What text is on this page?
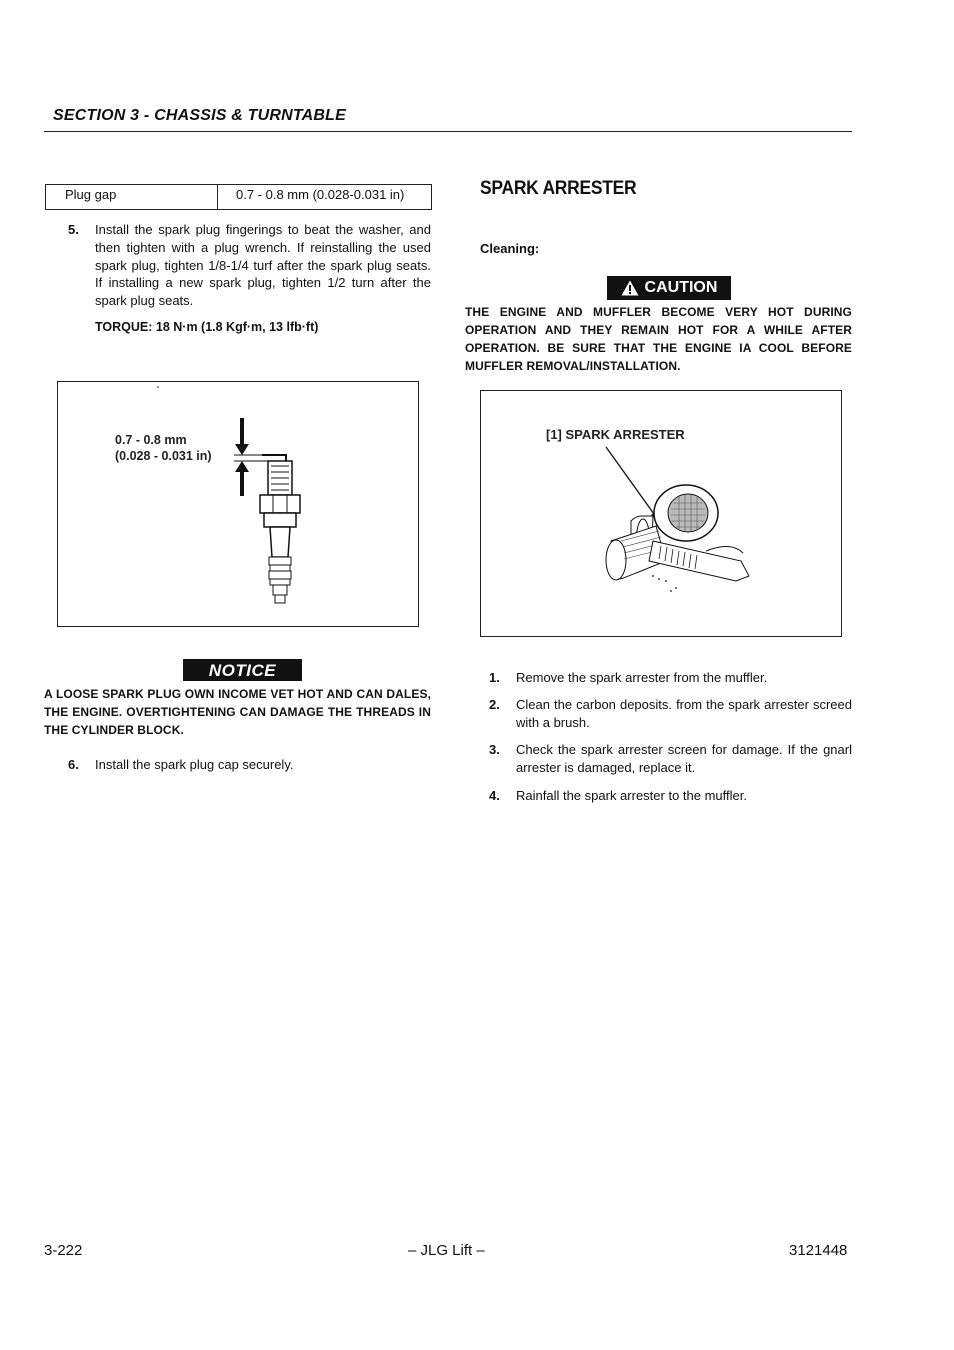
SECTION 3 - CHASSIS & TURNTABLE
Plug gap	0.7 - 0.8 mm (0.028-0.031 in)
5. Install the spark plug fingerings to beat the washer, and then tighten with a plug wrench. If reinstalling the used spark plug, tighten 1/8-1/4 turf after the spark plug seats. If installing a new spark plug, tighten 1/2 turn after the spark plug seats.
TORQUE: 18 N·m (1.8 Kgf·m, 13 lfb·ft)
0.7 - 0.8 mm
(0.028 - 0.031 in)
NOTICE
A LOOSE SPARK PLUG OWN INCOME VET HOT AND CAN DALES, THE ENGINE. OVERTIGHTENING CAN DAMAGE THE THREADS IN THE CYLINDER BLOCK.
6. Install the spark plug cap securely.
SPARK ARRESTER
Cleaning:
CAUTION
THE ENGINE AND MUFFLER BECOME VERY HOT DURING OPERATION AND THEY REMAIN HOT FOR A WHILE AFTER OPERATION. BE SURE THAT THE ENGINE IA COOL BEFORE MUFFLER REMOVAL/INSTALLATION.
[1] SPARK ARRESTER
1. Remove the spark arrester from the muffler.
2. Clean the carbon deposits. from the spark arrester screed with a brush.
3. Check the spark arrester screen for damage. If the gnarl arrester is damaged, replace it.
4. Rainfall the spark arrester to the muffler.
3-222	– JLG Lift –	3121448
